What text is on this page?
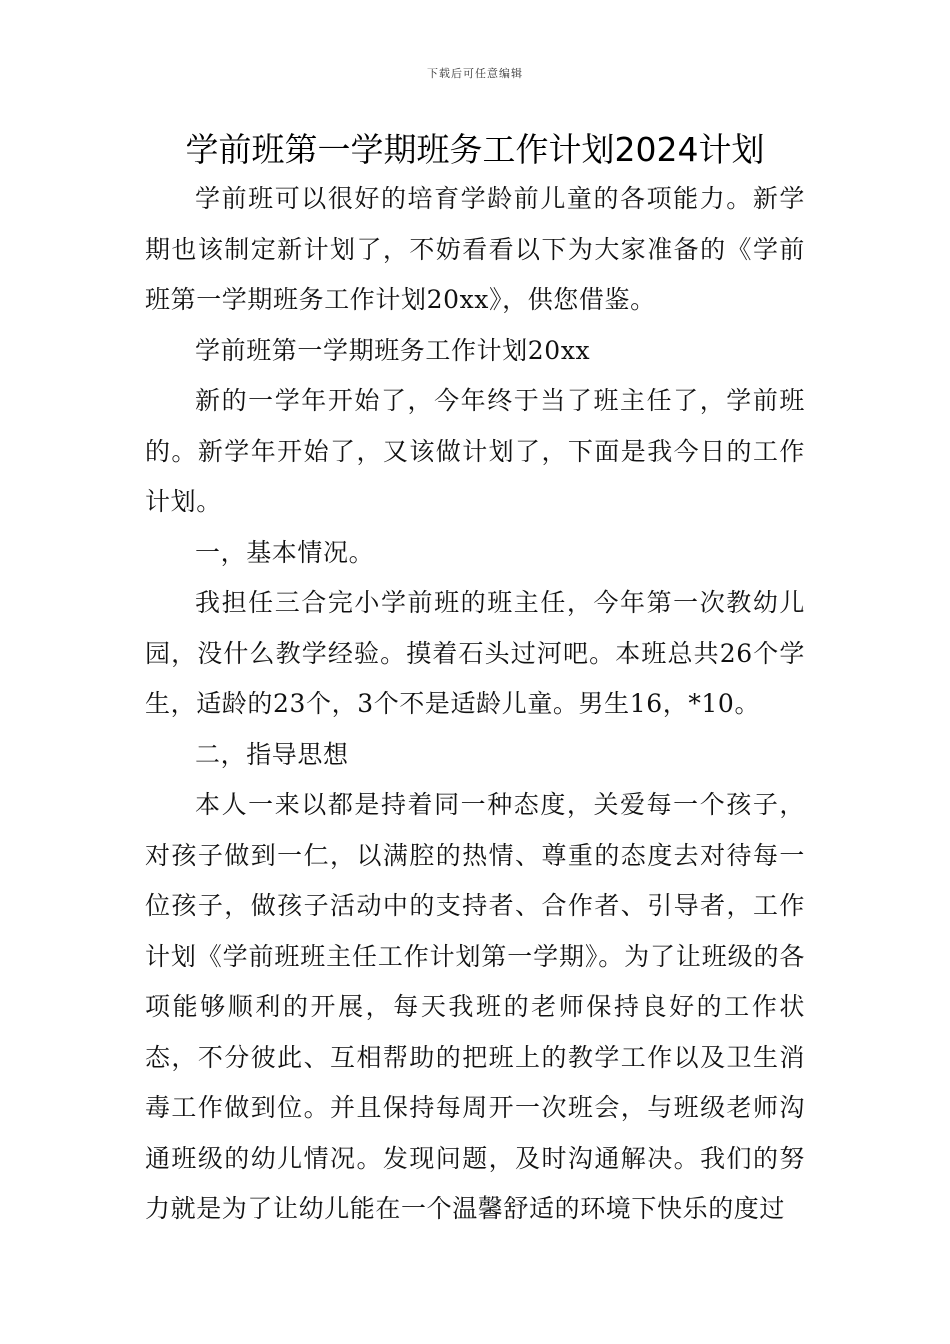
下载后可任意编辑
学前班第一学期班务工作计划2024计划

学前班可以很好的培育学龄前儿童的各项能力。新学期也该制定新计划了，不妨看看以下为大家准备的《学前班第一学期班务工作计划20xx》，供您借鉴。

学前班第一学期班务工作计划20xx

新的一学年开始了，今年终于当了班主任了，学前班的。新学年开始了，又该做计划了，下面是我今日的工作计划。

一，基本情况。

我担任三合完小学前班的班主任，今年第一次教幼儿园，没什么教学经验。摸着石头过河吧。本班总共26个学生，适龄的23个，3个不是适龄儿童。男生16，*10。

二，指导思想

本人一来以都是持着同一种态度，关爱每一个孩子，对孩子做到一仁，以满腔的热情、尊重的态度去对待每一位孩子，做孩子活动中的支持者、合作者、引导者，工作计划《学前班班主任工作计划第一学期》。为了让班级的各项能够顺利的开展，每天我班的老师保持良好的工作状态，不分彼此、互相帮助的把班上的教学工作以及卫生消毒工作做到位。并且保持每周开一次班会，与班级老师沟通班级的幼儿情况。发现问题，及时沟通解决。我们的努力就是为了让幼儿能在一个温馨舒适的环境下快乐的度过
